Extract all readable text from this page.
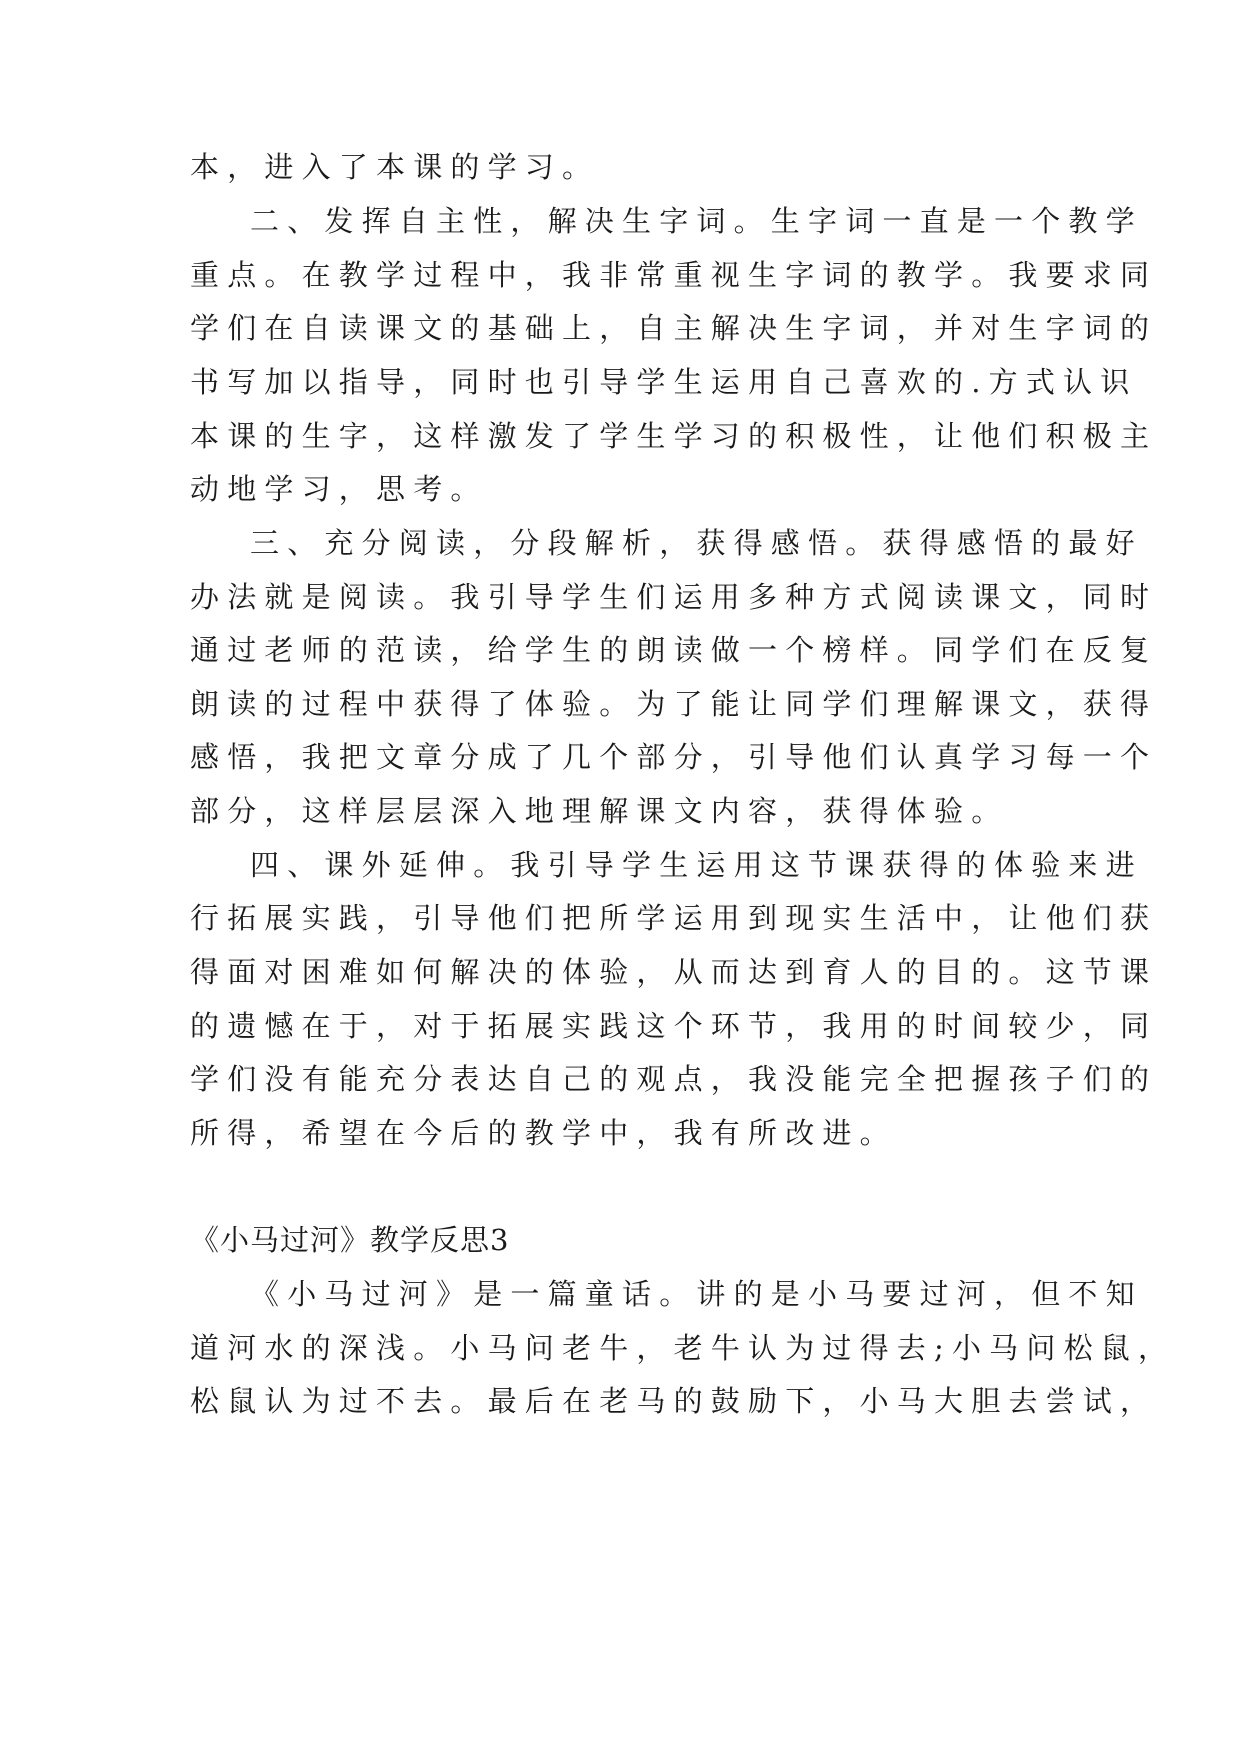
本，进入了本课的学习。
二、发挥自主性，解决生字词。生字词一直是一个教学
重点。在教学过程中，我非常重视生字词的教学。我要求同
学们在自读课文的基础上，自主解决生字词，并对生字词的
书写加以指导，同时也引导学生运用自己喜欢的.方式认识
本课的生字，这样激发了学生学习的积极性，让他们积极主
动地学习，思考。
三、充分阅读，分段解析，获得感悟。获得感悟的最好
办法就是阅读。我引导学生们运用多种方式阅读课文，同时
通过老师的范读，给学生的朗读做一个榜样。同学们在反复
朗读的过程中获得了体验。为了能让同学们理解课文，获得
感悟，我把文章分成了几个部分，引导他们认真学习每一个
部分，这样层层深入地理解课文内容，获得体验。
四、课外延伸。我引导学生运用这节课获得的体验来进
行拓展实践，引导他们把所学运用到现实生活中，让他们获
得面对困难如何解决的体验，从而达到育人的目的。这节课
的遗憾在于，对于拓展实践这个环节，我用的时间较少，同
学们没有能充分表达自己的观点，我没能完全把握孩子们的
所得，希望在今后的教学中，我有所改进。
《小马过河》教学反思3
《小马过河》是一篇童话。讲的是小马要过河，但不知
道河水的深浅。小马问老牛，老牛认为过得去;小马问松鼠，
松鼠认为过不去。最后在老马的鼓励下，小马大胆去尝试，
